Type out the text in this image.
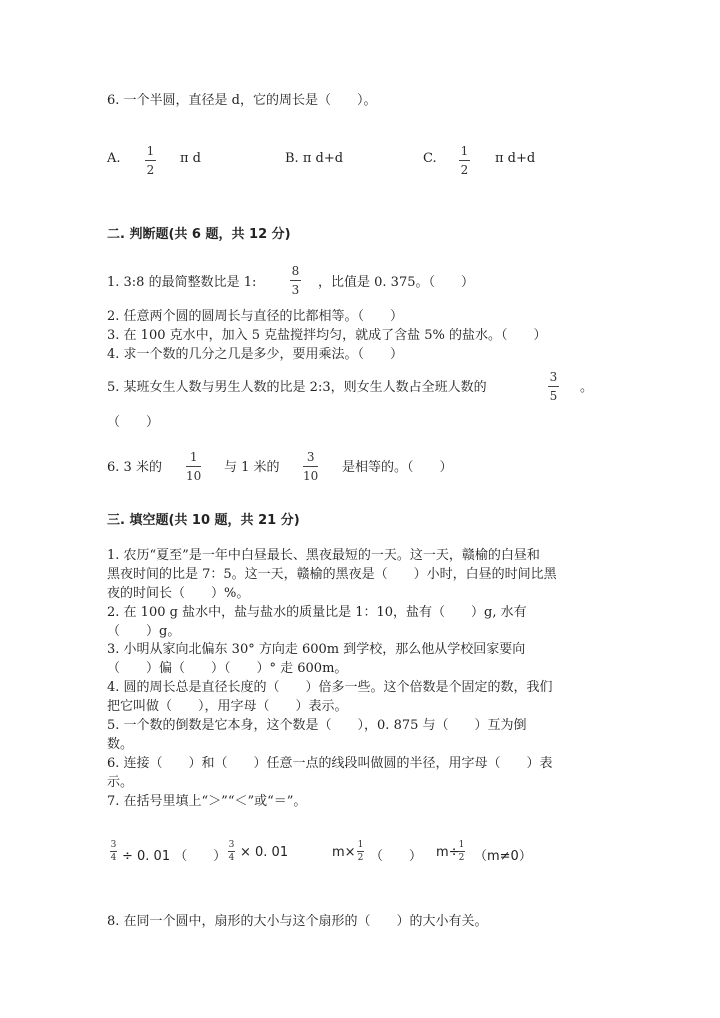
6. 一个半圆，直径是 d，它的周长是（　　）。
A. 1
2
π d	B. π d+d	C. 1
2
π d+d
二. 判断题(共 6 题，共 12 分)
1. 3:8 的最简整数比是 1:
8
3 ，比值是 0. 375。（　　）
2. 任意两个圆的圆周长与直径的比都相等。（　　）
3. 在 100 克水中，加入 5 克盐搅拌均匀，就成了含盐 5% 的盐水。（　　）
4. 求一个数的几分之几是多少，要用乘法。（　　）
5. 某班女生人数与男生人数的比是 2:3，则女生人数占全班人数的
3
5
。
（　　）
6. 3 米的
1
10
与 1 米的
3
10
是相等的。（　　）
三. 填空题(共 10 题，共 21 分)
1. 农历“夏至”是一年中白昼最长、黑夜最短的一天。这一天，赣榆的白昼和
黑夜时间的比是 7：5。这一天，赣榆的黑夜是（　　）小时，白昼的时间比黑
夜的时间长（　　）%。
2. 在 100 g 盐水中，盐与盐水的质量比是 1：10，盐有（　　）g, 水有
（　　）g。
3. 小明从家向北偏东 30° 方向走 600m 到学校，那么他从学校回家要向
（　　）偏（　　）（　　）° 走 600m。
4. 圆的周长总是直径长度的（　　）倍多一些。这个倍数是个固定的数，我们
把它叫做（　　），用字母（　　）表示。
5. 一个数的倒数是它本身，这个数是（　　），0. 875 与（　　）互为倒
数。
6. 连接（　　）和（　　）任意一点的线段叫做圆的半径，用字母（　　）表
示。
7. 在括号里填上“＞”“＜”或“＝”。
3
4 ÷ 0. 01 （　　）
3
4 × 0. 01	m× 1
2 （　　） m÷ 1
2 （m≠0）
8. 在同一个圆中，扇形的大小与这个扇形的（　　）的大小有关。
